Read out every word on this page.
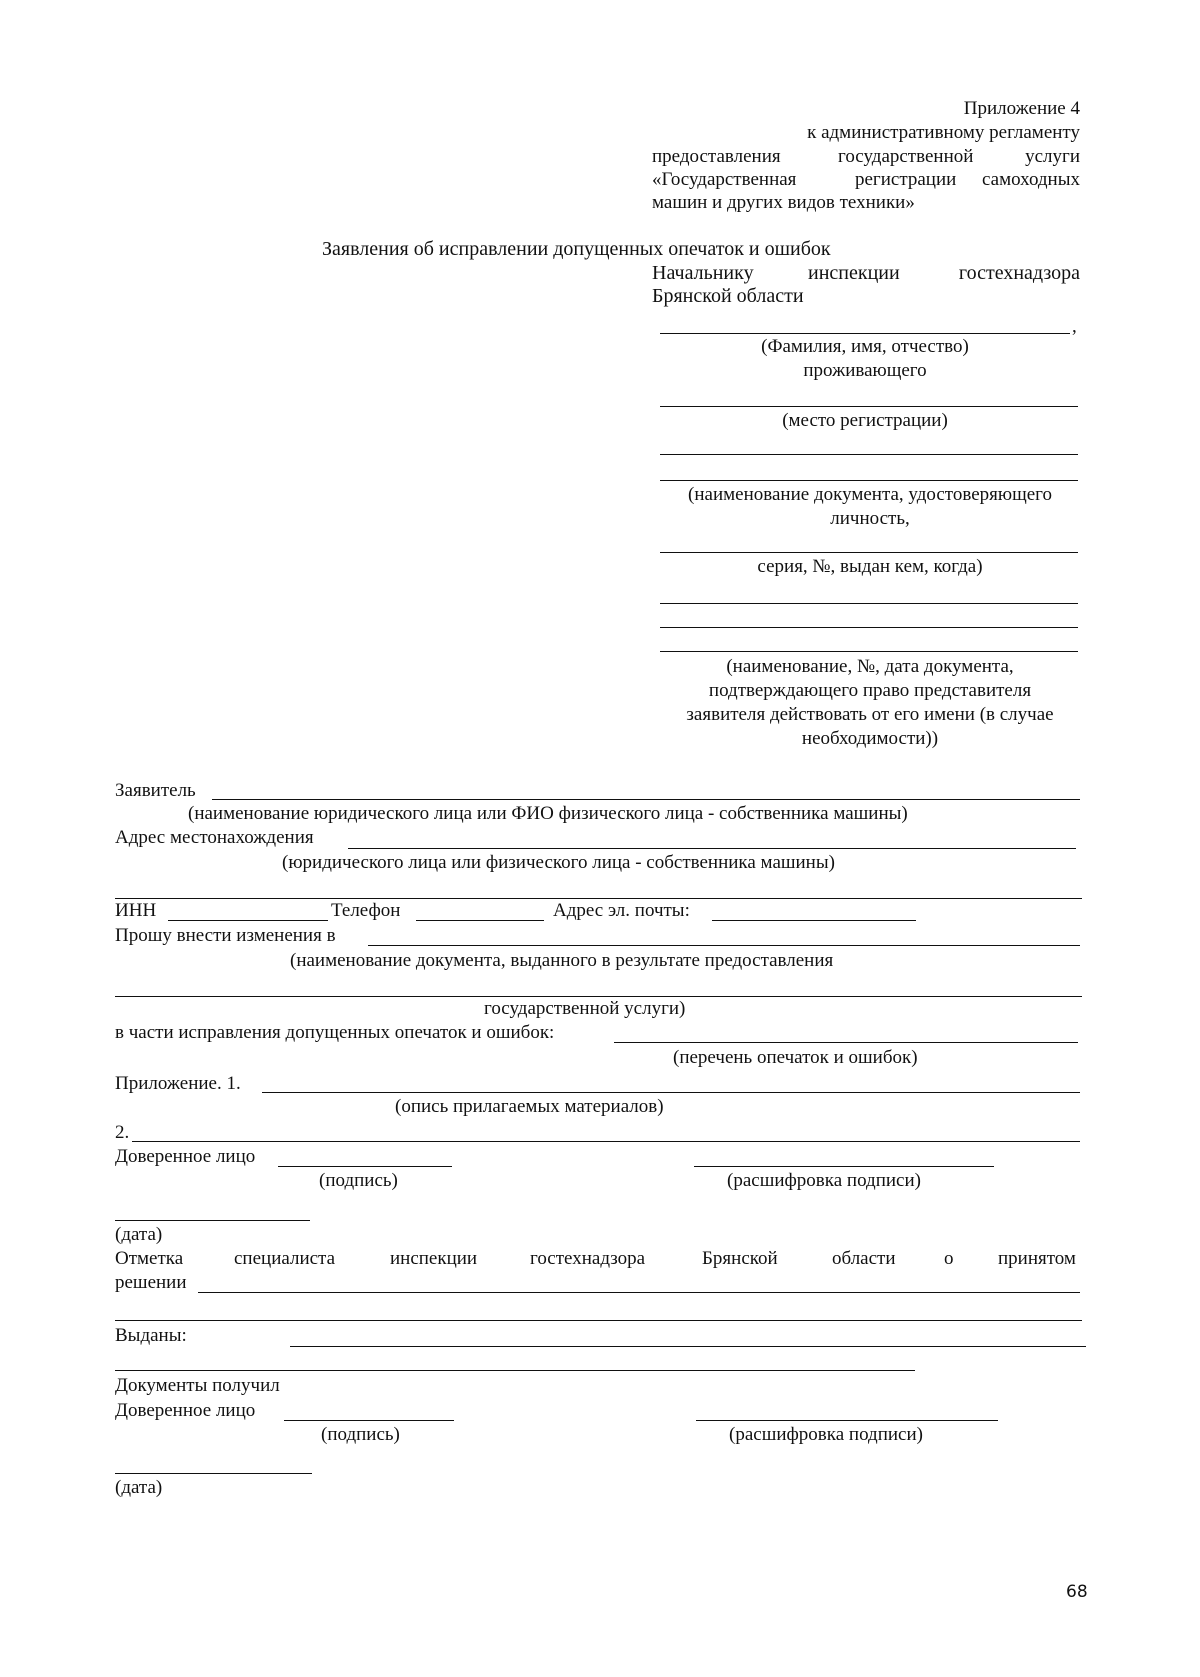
Приложение 4
к административному регламенту
предоставления	государственной	услуги
«Государственная	регистрации самоходных
машин и других видов техники»
Заявления об исправлении допущенных опечаток и ошибок
Начальнику	инспекции	гостехнадзора
Брянской области
,
(Фамилия, имя, отчество)
проживающего
(место регистрации)
(наименование документа, удостоверяющего
личность,
серия, №, выдан кем, когда)
(наименование, №, дата документа,
подтверждающего право представителя
заявителя действовать от его имени (в случае
необходимости))
Заявитель
(наименование юридического лица или ФИО физического лица - собственника машины)
Адрес местонахождения
(юридического лица или физического лица - собственника машины)
ИНН	Телефон	Адрес эл. почты:
Прошу внести изменения в
(наименование документа, выданного в результате предоставления
государственной услуги)
в части исправления допущенных опечаток и ошибок:
(перечень опечаток и ошибок)
Приложение. 1.
(опись прилагаемых материалов)
2.
Доверенное лицо
(подпись)	(расшифровка подписи)
(дата)
Отметка	специалиста	инспекции	гостехнадзора	Брянской	области	о принятом
решении
Выданы:
Документы получил
Доверенное лицо
(подпись)	(расшифровка подписи)
(дата)
68
